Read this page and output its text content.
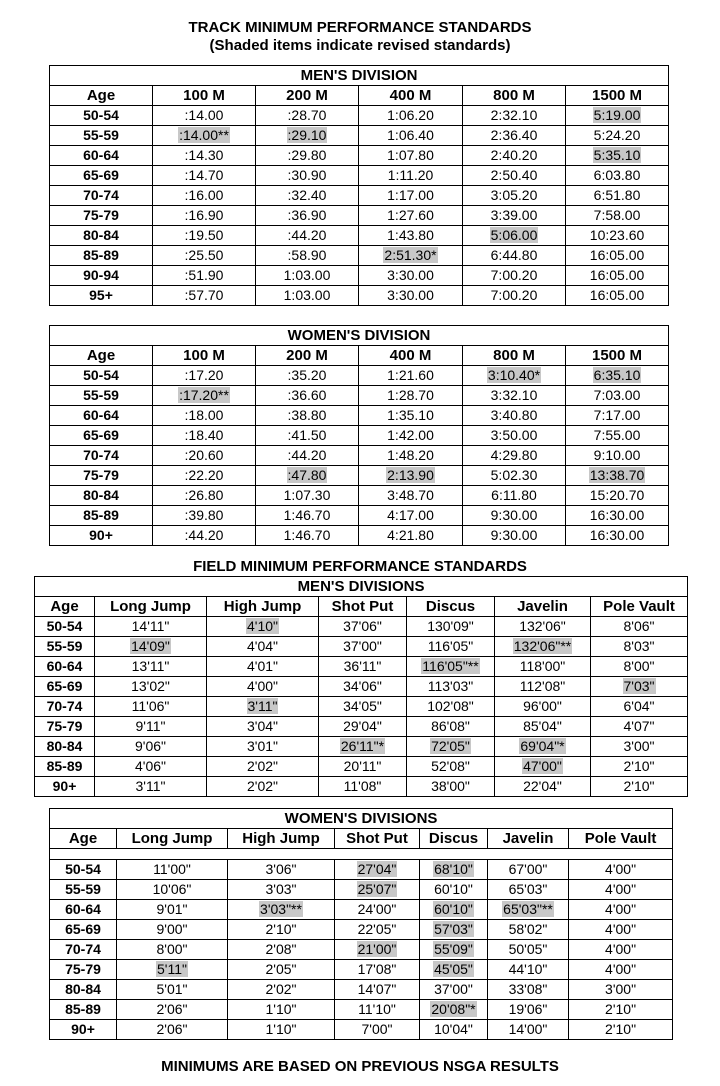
TRACK MINIMUM PERFORMANCE STANDARDS
(Shaded items indicate revised standards)
MEN'S DIVISION					
Age	100 M	200 M	400 M	800 M	1500 M
50-54	:14.00	:28.70	1:06.20	2:32.10	5:19.00
55-59	:14.00**	:29.10	1:06.40	2:36.40	5:24.20
60-64	:14.30	:29.80	1:07.80	2:40.20	5:35.10
65-69	:14.70	:30.90	1:11.20	2:50.40	6:03.80
70-74	:16.00	:32.40	1:17.00	3:05.20	6:51.80
75-79	:16.90	:36.90	1:27.60	3:39.00	7:58.00
80-84	:19.50	:44.20	1:43.80	5:06.00	10:23.60
85-89	:25.50	:58.90	2:51.30*	6:44.80	16:05.00
90-94	:51.90	1:03.00	3:30.00	7:00.20	16:05.00
95+	:57.70	1:03.00	3:30.00	7:00.20	16:05.00
WOMEN'S DIVISION					
Age	100 M	200 M	400 M	800 M	1500 M
50-54	:17.20	:35.20	1:21.60	3:10.40*	6:35.10
55-59	:17.20**	:36.60	1:28.70	3:32.10	7:03.00
60-64	:18.00	:38.80	1:35.10	3:40.80	7:17.00
65-69	:18.40	:41.50	1:42.00	3:50.00	7:55.00
70-74	:20.60	:44.20	1:48.20	4:29.80	9:10.00
75-79	:22.20	:47.80	2:13.90	5:02.30	13:38.70
80-84	:26.80	1:07.30	3:48.70	6:11.80	15:20.70
85-89	:39.80	1:46.70	4:17.00	9:30.00	16:30.00
90+	:44.20	1:46.70	4:21.80	9:30.00	16:30.00
FIELD MINIMUM PERFORMANCE STANDARDS
MEN'S DIVISIONS						
Age	Long Jump	High Jump	Shot Put	Discus	Javelin	Pole Vault
50-54	14'11"	4'10"	37'06"	130'09"	132'06"	8'06"
55-59	14'09"	4'04"	37'00"	116'05"	132'06"**	8'03"
60-64	13'11"	4'01"	36'11"	116'05"**	118'00"	8'00"
65-69	13'02"	4'00"	34'06"	113'03"	112'08"	7'03"
70-74	11'06"	3'11"	34'05"	102'08"	96'00"	6'04"
75-79	9'11"	3'04"	29'04"	86'08"	85'04"	4'07"
80-84	9'06"	3'01"	26'11"*	72'05"	69'04"*	3'00"
85-89	4'06"	2'02"	20'11"	52'08"	47'00"	2'10"
90+	3'11"	2'02"	11'08"	38'00"	22'04"	2'10"
WOMEN'S DIVISIONS						
Age	Long Jump	High Jump	Shot Put	Discus	Javelin	Pole Vault

50-54	11'00"	3'06"	27'04"	68'10"	67'00"	4'00"
55-59	10'06"	3'03"	25'07"	60'10"	65'03"	4'00"
60-64	9'01"	3'03"**	24'00"	60'10"	65'03"**	4'00"
65-69	9'00"	2'10"	22'05"	57'03"	58'02"	4'00"
70-74	8'00"	2'08"	21'00"	55'09"	50'05"	4'00"
75-79	5'11"	2'05"	17'08"	45'05"	44'10"	4'00"
80-84	5'01"	2'02"	14'07"	37'00"	33'08"	3'00"
85-89	2'06"	1'10"	11'10"	20'08"*	19'06"	2'10"
90+	2'06"	1'10"	7'00"	10'04"	14'00"	2'10"
MINIMUMS ARE BASED ON PREVIOUS NSGA RESULTS
